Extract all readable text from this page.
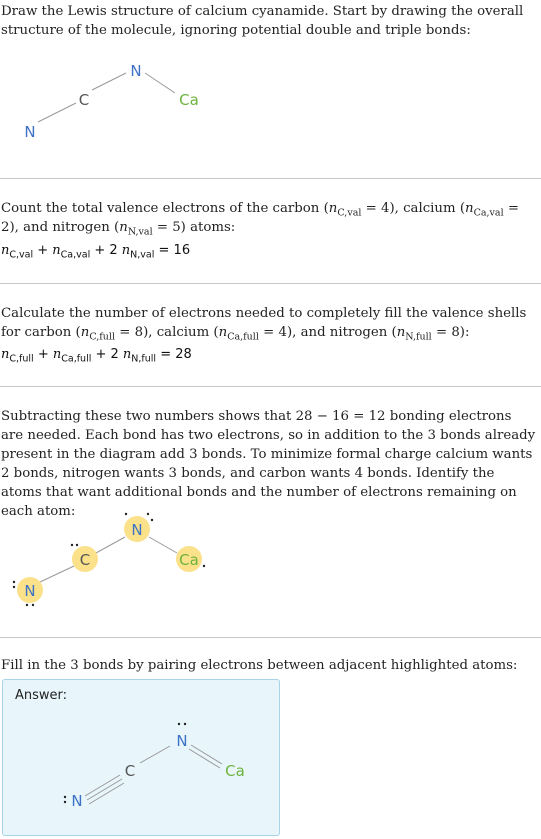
Draw the Lewis structure of calcium cyanamide. Start by drawing the overall structure of the molecule, ignoring potential double and triple bonds:

N
C
N
Ca

Count the total valence electrons of the carbon $(n_{C,val} = 4)$, calcium $(n_{Ca,val} = 2)$, and nitrogen $(n_{N,val} = 5)$ atoms:

$n_{C,val} + n_{Ca,val} + 2$ $n_{N,val} = 16$

Calculate the number of electrons needed to completely fill the valence shells for carbon $(n_{C,full} = 8)$, calcium $(n_{Ca,full} = 4)$, and nitrogen $(n_{N,full} = 8)$:

$n_{C,full} + n_{Ca,full} + 2$ $n_{N,full} = 28$

Subtracting these two numbers shows that 28 − 16 = 12 bonding electrons are needed. Each bond has two electrons, so in addition to the 3 bonds already present in the diagram add 3 bonds. To minimize formal charge calcium wants 2 bonds, nitrogen wants 3 bonds, and carbon wants 4 bonds. Identify the atoms that want additional bonds and the number of electrons remaining on each atom:

N
C
N
Ca

Fill in the 3 bonds by pairing electrons between adjacent highlighted atoms:

Answer:
N
C
N
Ca
